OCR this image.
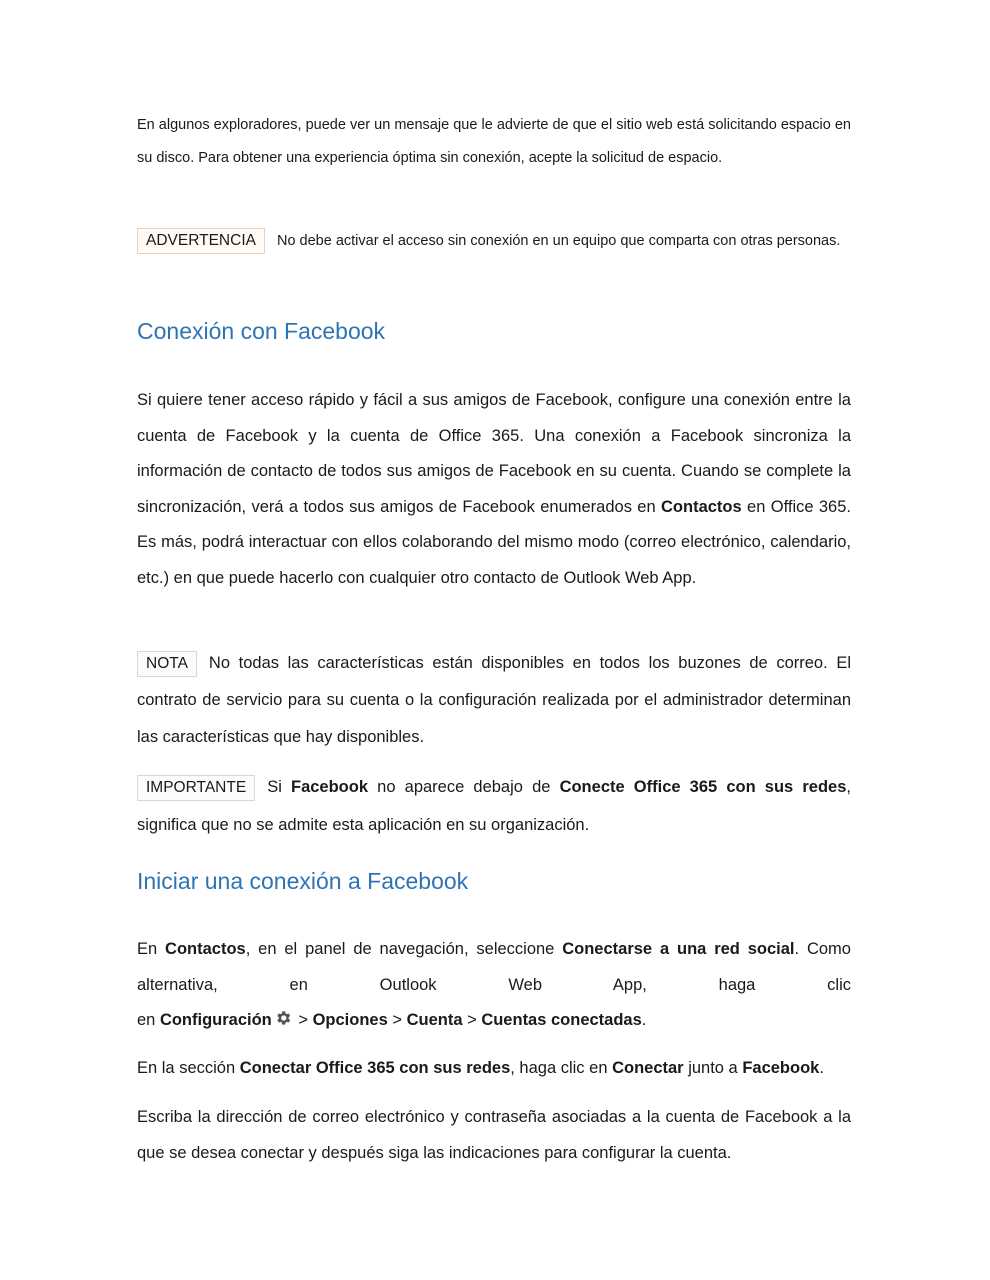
En algunos exploradores, puede ver un mensaje que le advierte de que el sitio web está solicitando espacio en su disco. Para obtener una experiencia óptima sin conexión, acepte la solicitud de espacio.

ADVERTENCIA No debe activar el acceso sin conexión en un equipo que comparta con otras personas.

Conexión con Facebook

Si quiere tener acceso rápido y fácil a sus amigos de Facebook, configure una conexión entre la cuenta de Facebook y la cuenta de Office 365. Una conexión a Facebook sincroniza la información de contacto de todos sus amigos de Facebook en su cuenta. Cuando se complete la sincronización, verá a todos sus amigos de Facebook enumerados en Contactos en Office 365. Es más, podrá interactuar con ellos colaborando del mismo modo (correo electrónico, calendario, etc.) en que puede hacerlo con cualquier otro contacto de Outlook Web App.

NOTA No todas las características están disponibles en todos los buzones de correo. El contrato de servicio para su cuenta o la configuración realizada por el administrador determinan las características que hay disponibles.

IMPORTANTE Si Facebook no aparece debajo de Conecte Office 365 con sus redes, significa que no se admite esta aplicación en su organización.

Iniciar una conexión a Facebook

En Contactos, en el panel de navegación, seleccione Conectarse a una red social. Como alternativa, en Outlook Web App, haga clic

en Configuración > Opciones > Cuenta > Cuentas conectadas.

En la sección Conectar Office 365 con sus redes, haga clic en Conectar junto a Facebook.

Escriba la dirección de correo electrónico y contraseña asociadas a la cuenta de Facebook a la que se desea conectar y después siga las indicaciones para configurar la cuenta.
